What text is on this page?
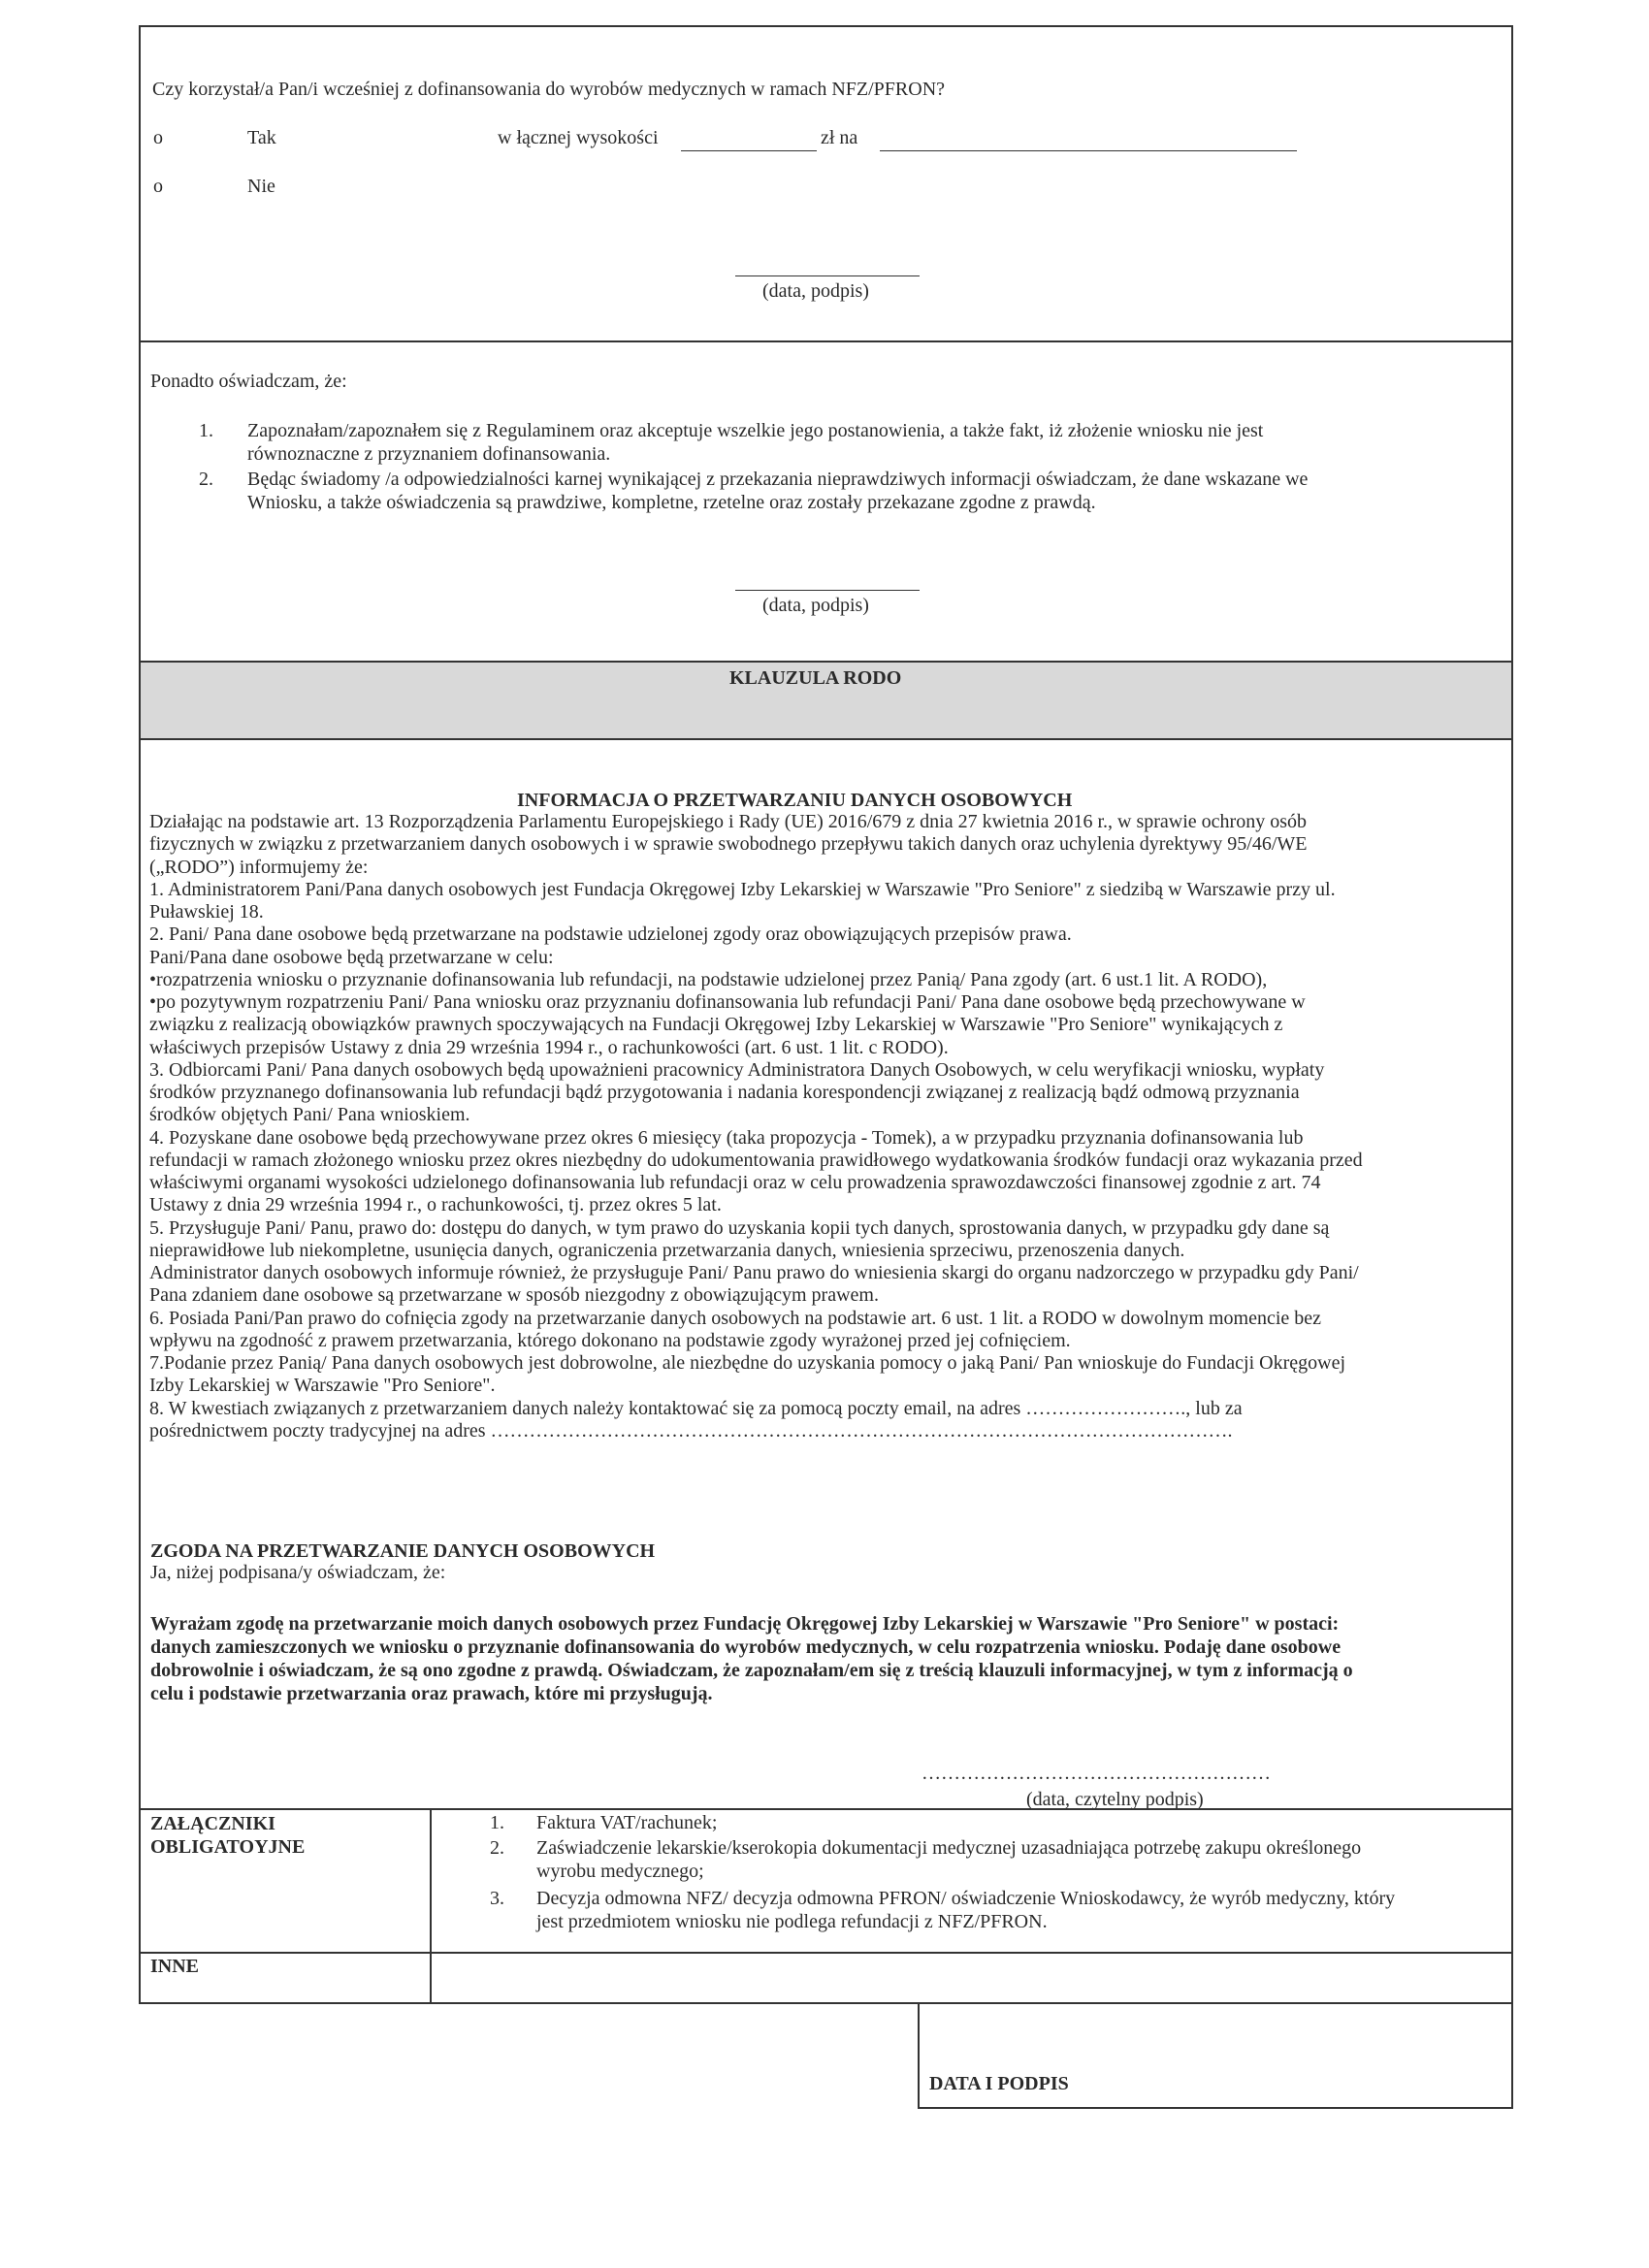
Czy korzystał/a Pan/i wcześniej z dofinansowania do wyrobów medycznych w ramach NFZ/PFRON?
o	Tak	w łącznej wysokości	zł na
o	Nie
(data, podpis)
Ponadto oświadczam, że:
1. Zapoznałam/zapoznałem się z Regulaminem oraz akceptuje wszelkie jego postanowienia, a także fakt, iż złożenie wniosku nie jest
równoznaczne z przyznaniem dofinansowania.
2. Będąc świadomy /a odpowiedzialności karnej wynikającej z przekazania nieprawdziwych informacji oświadczam, że dane wskazane we
Wniosku, a także oświadczenia są prawdziwe, kompletne, rzetelne oraz zostały przekazane zgodne z prawdą.
(data, podpis)
KLAUZULA RODO
INFORMACJA O PRZETWARZANIU DANYCH OSOBOWYCH
Działając na podstawie art. 13 Rozporządzenia Parlamentu Europejskiego i Rady (UE) 2016/679 z dnia 27 kwietnia 2016 r., w sprawie ochrony osób
fizycznych w związku z przetwarzaniem danych osobowych i w sprawie swobodnego przepływu takich danych oraz uchylenia dyrektywy 95/46/WE
(„RODO”) informujemy że:
1. Administratorem Pani/Pana danych osobowych jest Fundacja Okręgowej Izby Lekarskiej w Warszawie "Pro Seniore" z siedzibą w Warszawie przy ul.
Puławskiej 18.
2. Pani/ Pana dane osobowe będą przetwarzane na podstawie udzielonej zgody oraz obowiązujących przepisów prawa.
Pani/Pana dane osobowe będą przetwarzane w celu:
•rozpatrzenia wniosku o przyznanie dofinansowania lub refundacji, na podstawie udzielonej przez Panią/ Pana zgody (art. 6 ust.1 lit. A RODO),
•po pozytywnym rozpatrzeniu Pani/ Pana wniosku oraz przyznaniu dofinansowania lub refundacji Pani/ Pana dane osobowe będą przechowywane w
związku z realizacją obowiązków prawnych spoczywających na Fundacji Okręgowej Izby Lekarskiej w Warszawie "Pro Seniore" wynikających z
właściwych przepisów Ustawy z dnia 29 września 1994 r., o rachunkowości (art. 6 ust. 1 lit. c RODO).
3. Odbiorcami Pani/ Pana danych osobowych będą upoważnieni pracownicy Administratora Danych Osobowych, w celu weryfikacji wniosku, wypłaty
środków przyznanego dofinansowania lub refundacji bądź przygotowania i nadania korespondencji związanej z realizacją bądź odmową przyznania
środków objętych Pani/ Pana wnioskiem.
4. Pozyskane dane osobowe będą przechowywane przez okres 6 miesięcy (taka propozycja - Tomek), a w przypadku przyznania dofinansowania lub
refundacji w ramach złożonego wniosku przez okres niezbędny do udokumentowania prawidłowego wydatkowania środków fundacji oraz wykazania przed
właściwymi organami wysokości udzielonego dofinansowania lub refundacji oraz w celu prowadzenia sprawozdawczości finansowej zgodnie z art. 74
Ustawy z dnia 29 września 1994 r., o rachunkowości, tj. przez okres 5 lat.
5. Przysługuje Pani/ Panu, prawo do: dostępu do danych, w tym prawo do uzyskania kopii tych danych, sprostowania danych, w przypadku gdy dane są
nieprawidłowe lub niekompletne, usunięcia danych, ograniczenia przetwarzania danych, wniesienia sprzeciwu, przenoszenia danych.
Administrator danych osobowych informuje również, że przysługuje Pani/ Panu prawo do wniesienia skargi do organu nadzorczego w przypadku gdy Pani/
Pana zdaniem dane osobowe są przetwarzane w sposób niezgodny z obowiązującym prawem.
6. Posiada Pani/Pan prawo do cofnięcia zgody na przetwarzanie danych osobowych na podstawie art. 6 ust. 1 lit. a RODO w dowolnym momencie bez
wpływu na zgodność z prawem przetwarzania, którego dokonano na podstawie zgody wyrażonej przed jej cofnięciem.
7.Podanie przez Panią/ Pana danych osobowych jest dobrowolne, ale niezbędne do uzyskania pomocy o jaką Pani/ Pan wnioskuje do Fundacji Okręgowej
Izby Lekarskiej w Warszawie "Pro Seniore".
8. W kwestiach związanych z przetwarzaniem danych należy kontaktować się za pomocą poczty email, na adres ……………………., lub za
pośrednictwem poczty tradycyjnej na adres …………………………………………………………………………………………………….
ZGODA NA PRZETWARZANIE DANYCH OSOBOWYCH
Ja, niżej podpisana/y oświadczam, że:
Wyrażam zgodę na przetwarzanie moich danych osobowych przez Fundację Okręgowej Izby Lekarskiej w Warszawie "Pro Seniore" w postaci:
danych zamieszczonych we wniosku o przyznanie dofinansowania do wyrobów medycznych, w celu rozpatrzenia wniosku. Podaję dane osobowe
dobrowolnie i oświadczam, że są ono zgodne z prawdą. Oświadczam, że zapoznałam/em się z treścią klauzuli informacyjnej, w tym z informacją o
celu i podstawie przetwarzania oraz prawach, które mi przysługują.
………………………………………………
(data, czytelny podpis)
ZAŁĄCZNIKI
OBLIGATOYJNE
1. Faktura VAT/rachunek;
2. Zaświadczenie lekarskie/kserokopia dokumentacji medycznej uzasadniająca potrzebę zakupu określonego
wyrobu medycznego;
3. Decyzja odmowna NFZ/ decyzja odmowna PFRON/ oświadczenie Wnioskodawcy, że wyrób medyczny, który
jest przedmiotem wniosku nie podlega refundacji z NFZ/PFRON.
INNE
DATA I PODPIS
